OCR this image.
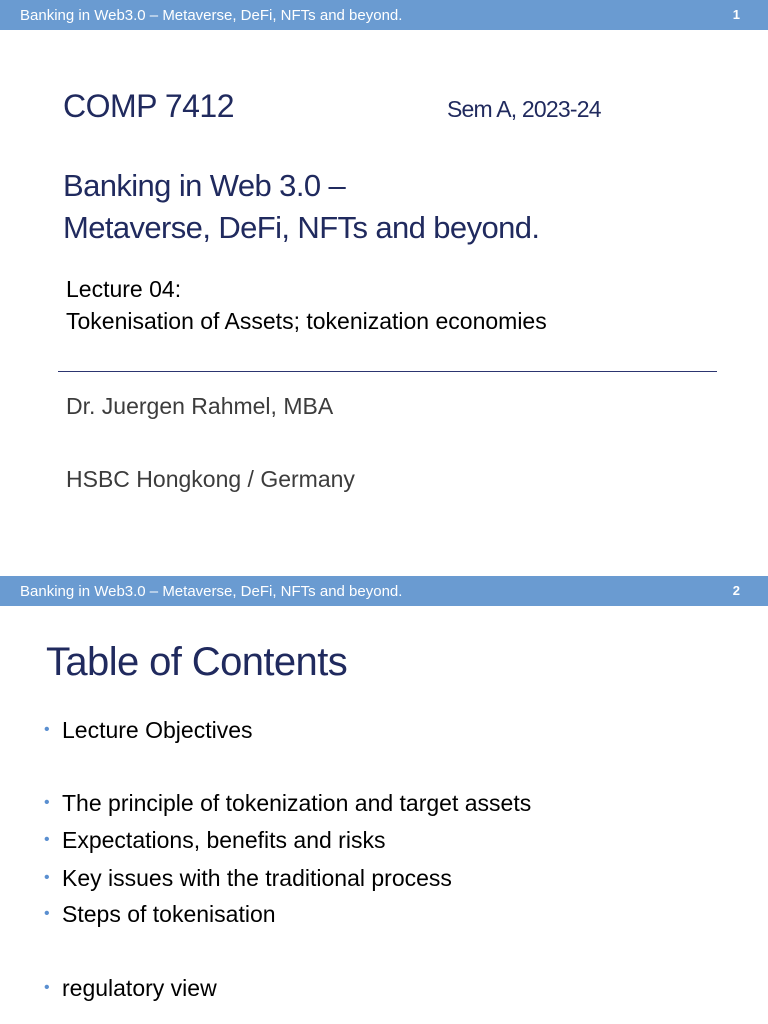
Banking in Web3.0 – Metaverse, DeFi, NFTs and beyond.	1
COMP 7412	Sem A, 2023-24
Banking in Web 3.0 –
Metaverse, DeFi, NFTs and beyond.
Lecture 04:
Tokenisation of Assets; tokenization economies
Dr. Juergen Rahmel, MBA
HSBC Hongkong / Germany
Banking in Web3.0 – Metaverse, DeFi, NFTs and beyond.	2
Table of Contents
• Lecture Objectives
• The principle of tokenization and target assets
• Expectations, benefits and risks
• Key issues with the traditional process
• Steps of tokenisation
• regulatory view
